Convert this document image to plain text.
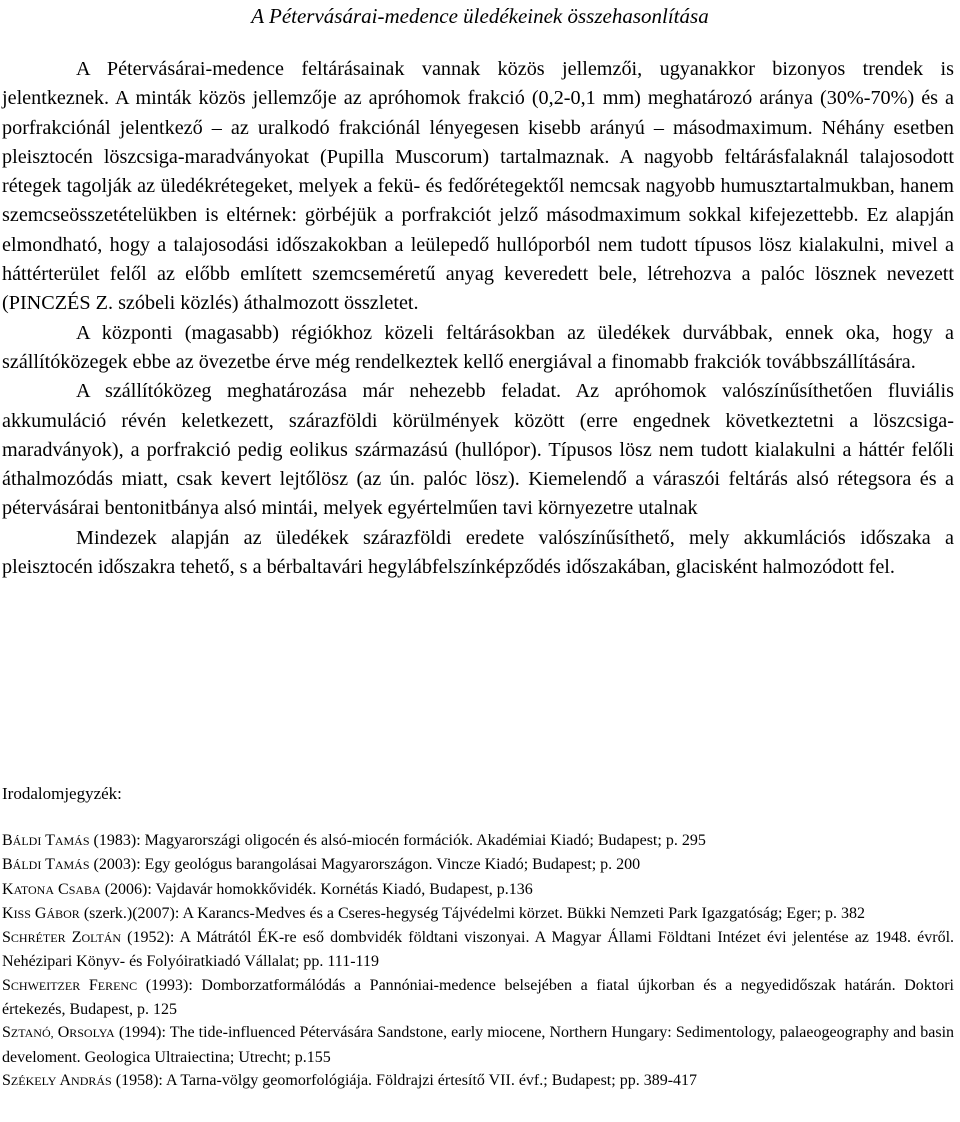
A Pétervásárai-medence üledékeinek összehasonlítása

A Pétervásárai-medence feltárásainak vannak közös jellemzői, ugyanakkor bizonyos trendek is jelentkeznek. A minták közös jellemzője az apróhomok frakció (0,2-0,1 mm) meghatározó aránya (30%-70%) és a porfrakciónál jelentkező – az uralkodó frakciónál lényegesen kisebb arányú – másodmaximum. Néhány esetben pleisztocén löszcsiga-maradványokat (Pupilla Muscorum) tartalmaznak. A nagyobb feltárásfalaknál talajosodott rétegek tagolják az üledékrétegeket, melyek a fekü- és fedőrétegektől nemcsak nagyobb humusztartalmukban, hanem szemcseösszetételükben is eltérnek: görbéjük a porfrakciót jelző másodmaximum sokkal kifejezettebb. Ez alapján elmondható, hogy a talajosodási időszakokban a leülepedő hullóporból nem tudott típusos lösz kialakulni, mivel a háttérterület felől az előbb említett szemcseméretű anyag keveredett bele, létrehozva a palóc lösznek nevezett (PINCZÉS Z. szóbeli közlés) áthalmozott összletet.

A központi (magasabb) régiókhoz közeli feltárásokban az üledékek durvábbak, ennek oka, hogy a szállítóközegek ebbe az övezetbe érve még rendelkeztek kellő energiával a finomabb frakciók továbbszállítására.

A szállítóközeg meghatározása már nehezebb feladat. Az apróhomok valószínűsíthetően fluviális akkumuláció révén keletkezett, szárazföldi körülmények között (erre engednek következtetni a löszcsiga-maradványok), a porfrakció pedig eolikus származású (hullópor). Típusos lösz nem tudott kialakulni a háttér felőli áthalmozódás miatt, csak kevert lejtőlösz (az ún. palóc lösz). Kiemelendő a váraszói feltárás alsó rétegsora és a pétervásárai bentonitbánya alsó mintái, melyek egyértelműen tavi környezetre utalnak

Mindezek alapján az üledékek szárazföldi eredete valószínűsíthető, mely akkumlációs időszaka a pleisztocén időszakra tehető, s a bérbaltavári hegylábfelszínképződés időszakában, glacisként halmozódott fel.

Irodalomjegyzék:

BÁLDI TAMÁS (1983): Magyarországi oligocén és alsó-miocén formációk. Akadémiai Kiadó; Budapest; p. 295

BÁLDI TAMÁS (2003): Egy geológus barangolásai Magyarországon. Vincze Kiadó; Budapest; p. 200

KATONA CSABA (2006): Vajdavár homokkővidék. Kornétás Kiadó, Budapest, p.136

KISS GÁBOR (szerk.)(2007): A Karancs-Medves és a Cseres-hegység Tájvédelmi körzet. Bükki Nemzeti Park Igazgatóság; Eger; p. 382

SCHRÉTER ZOLTÁN (1952): A Mátrától ÉK-re eső dombvidék földtani viszonyai. A Magyar Állami Földtani Intézet évi jelentése az 1948. évről. Nehézipari Könyv- és Folyóiratkiadó Vállalat; pp. 111-119

SCHWEITZER FERENC (1993): Domborzatformálódás a Pannóniai-medence belsejében a fiatal újkorban és a negyedidőszak határán. Doktori értekezés, Budapest, p. 125

SZTANÓ, ORSOLYA (1994): The tide-influenced Pétervására Sandstone, early miocene, Northern Hungary: Sedimentology, palaeogeography and basin develoment. Geologica Ultraiectina; Utrecht; p.155

SZÉKELY ANDRÁS (1958): A Tarna-völgy geomorfológiája. Földrajzi értesítő VII. évf.; Budapest; pp. 389-417
